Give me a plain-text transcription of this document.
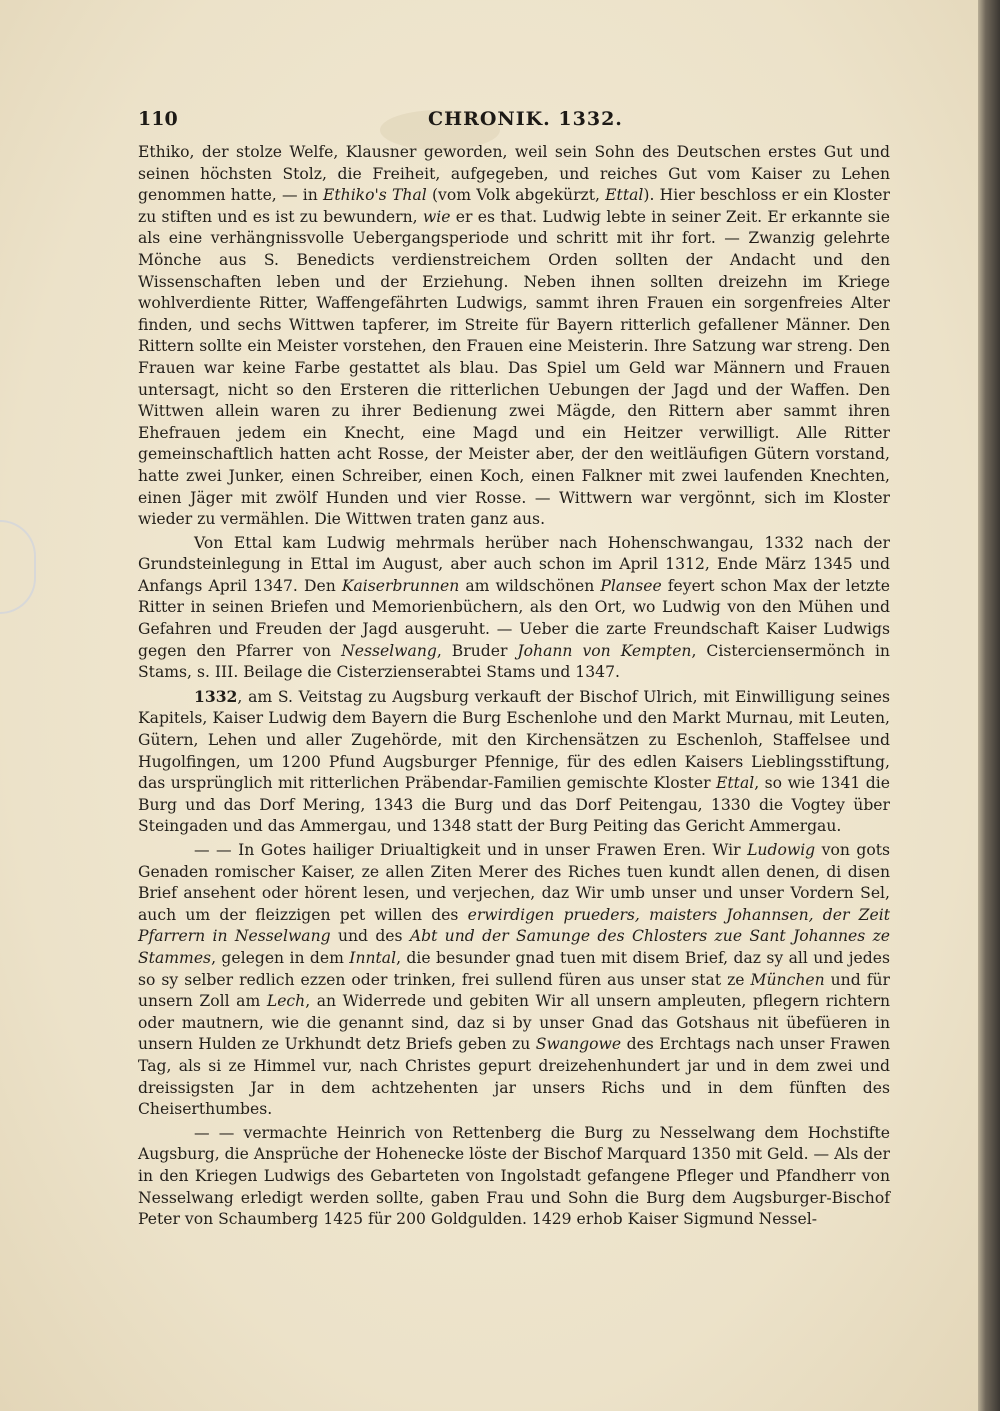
110	CHRONIK. 1332.

Ethiko, der stolze Welfe, Klausner geworden, weil sein Sohn des Deutschen erstes Gut und seinen höchsten Stolz, die Freiheit, aufgegeben, und reiches Gut vom Kaiser zu Lehen genommen hatte, — in Ethiko's Thal (vom Volk abgekürzt, Ettal). Hier beschloss er ein Kloster zu stiften und es ist zu bewundern, wie er es that. Ludwig lebte in seiner Zeit. Er erkannte sie als eine verhängnissvolle Uebergangsperiode und schritt mit ihr fort. — Zwanzig gelehrte Mönche aus S. Benedicts verdienstreichem Orden sollten der Andacht und den Wissenschaften leben und der Erziehung. Neben ihnen sollten dreizehn im Kriege wohlverdiente Ritter, Waffengefährten Ludwigs, sammt ihren Frauen ein sorgenfreies Alter finden, und sechs Wittwen tapferer, im Streite für Bayern ritterlich gefallener Männer. Den Rittern sollte ein Meister vorstehen, den Frauen eine Meisterin. Ihre Satzung war streng. Den Frauen war keine Farbe gestattet als blau. Das Spiel um Geld war Männern und Frauen untersagt, nicht so den Ersteren die ritterlichen Uebungen der Jagd und der Waffen. Den Wittwen allein waren zu ihrer Bedienung zwei Mägde, den Rittern aber sammt ihren Ehefrauen jedem ein Knecht, eine Magd und ein Heitzer verwilligt. Alle Ritter gemeinschaftlich hatten acht Rosse, der Meister aber, der den weitläufigen Gütern vorstand, hatte zwei Junker, einen Schreiber, einen Koch, einen Falkner mit zwei laufenden Knechten, einen Jäger mit zwölf Hunden und vier Rosse. — Wittwern war vergönnt, sich im Kloster wieder zu vermählen. Die Wittwen traten ganz aus.

Von Ettal kam Ludwig mehrmals herüber nach Hohenschwangau, 1332 nach der Grundsteinlegung in Ettal im August, aber auch schon im April 1312, Ende März 1345 und Anfangs April 1347. Den Kaiserbrunnen am wildschönen Plansee feyert schon Max der letzte Ritter in seinen Briefen und Memorienbüchern, als den Ort, wo Ludwig von den Mühen und Gefahren und Freuden der Jagd ausgeruht. — Ueber die zarte Freundschaft Kaiser Ludwigs gegen den Pfarrer von Nesselwang, Bruder Johann von Kempten, Cisterciensermönch in Stams, s. III. Beilage die Cisterzienserabtei Stams und 1347.

1332, am S. Veitstag zu Augsburg verkauft der Bischof Ulrich, mit Einwilligung seines Kapitels, Kaiser Ludwig dem Bayern die Burg Eschenlohe und den Markt Murnau, mit Leuten, Gütern, Lehen und aller Zugehörde, mit den Kirchensätzen zu Eschenloh, Staffelsee und Hugolfingen, um 1200 Pfund Augsburger Pfennige, für des edlen Kaisers Lieblingsstiftung, das ursprünglich mit ritterlichen Präbendar-Familien gemischte Kloster Ettal, so wie 1341 die Burg und das Dorf Mering, 1343 die Burg und das Dorf Peitengau, 1330 die Vogtey über Steingaden und das Ammergau, und 1348 statt der Burg Peiting das Gericht Ammergau.

— — In Gotes hailiger Driualtigkeit und in unser Frawen Eren. Wir Ludowig von gots Genaden romischer Kaiser, ze allen Ziten Merer des Riches tuen kundt allen denen, di disen Brief ansehent oder hörent lesen, und verjechen, daz Wir umb unser und unser Vordern Sel, auch um der fleizzigen pet willen des erwirdigen prueders, maisters Johannsen, der Zeit Pfarrern in Nesselwang und des Abt und der Samunge des Chlosters zue Sant Johannes ze Stammes, gelegen in dem Inntal, die besunder gnad tuen mit disem Brief, daz sy all und jedes so sy selber redlich ezzen oder trinken, frei sullend füren aus unser stat ze München und für unsern Zoll am Lech, an Widerrede und gebiten Wir all unsern ampleuten, pflegern richtern oder mautnern, wie die genannt sind, daz si by unser Gnad das Gotshaus nit übefüeren in unsern Hulden ze Urkhundt detz Briefs geben zu Swangowe des Erchtags nach unser Frawen Tag, als si ze Himmel vur, nach Christes gepurt dreizehenhundert jar und in dem zwei und dreissigsten Jar in dem achtzehenten jar unsers Richs und in dem fünften des Cheiserthumbes.

— — vermachte Heinrich von Rettenberg die Burg zu Nesselwang dem Hochstifte Augsburg, die Ansprüche der Hohenecke löste der Bischof Marquard 1350 mit Geld. — Als der in den Kriegen Ludwigs des Gebarteten von Ingolstadt gefangene Pfleger und Pfandherr von Nesselwang erledigt werden sollte, gaben Frau und Sohn die Burg dem Augsburger-Bischof Peter von Schaumberg 1425 für 200 Goldgulden. 1429 erhob Kaiser Sigmund Nessel-
